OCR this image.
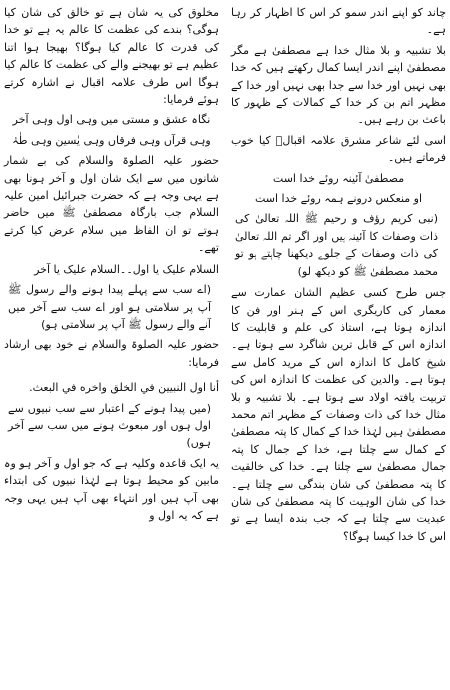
چاند کو اپنے اندر سمو کر اس کا اظہار کر رہا ہے۔

بلا تشبیہ و بلا مثال خدا ہے مصطفیٰ ہے مگر مصطفیٰ اپنے اندر ایسا کمال رکھتے ہیں کہ خدا بھی نہیں اور خدا سے جدا بھی نہیں اور خدا کے مظہر اتم بن کر خدا کے کمالات کے ظہور کا باعث بن رہے ہیں۔

اسی لئے شاعر مشرق علامہ اقبالؒ کیا خوب فرماتے ہیں۔

مصطفیٰ آئینہ روئے خدا است

او منعکس درونے ہمہ روئے خدا است

(نبی کریم رؤف و رحیم ﷺ اللہ تعالیٰ کی ذات وصفات کا آئینہ ہیں اور اگر تم اللہ تعالیٰ کی ذات وصفات کے جلوے دیکھنا چاہتے ہو تو محمد مصطفیٰ ﷺ کو دیکھ لو)

جس طرح کسی عظیم الشان عمارت سے معمار کی کاریگری اس کے ہنر اور فن کا اندازہ ہوتا ہے، استاذ کی علم و قابلیت کا اندازہ اس کے قابل ترین شاگرد سے ہوتا ہے۔ شیخ کامل کا اندازہ اس کے مرید کامل سے ہوتا ہے۔ والدین کی عظمت کا اندازہ اس کی تربیت یافتہ اولاد سے ہوتا ہے۔ بلا تشبیہ و بلا مثال خدا کی ذات وصفات کے مظہر اتم محمد مصطفیٰ ہیں لہٰذا خدا کے کمال کا پتہ مصطفیٰ کے کمال سے چلتا ہے، خدا کے جمال کا پتہ جمال مصطفیٰ سے چلتا ہے۔ خدا کی خالقیت کا پتہ مصطفیٰ کی شان بندگی سے چلتا ہے۔ خدا کی شان الوہیت کا پتہ مصطفیٰ کی شان عبدیت سے چلتا ہے کہ جب بندہ ایسا ہے تو اس کا خدا کیسا ہوگا؟

مخلوق کی یہ شان ہے تو خالق کی شان کیا ہوگی؟ بندے کی عظمت کا عالم یہ ہے تو خدا کی قدرت کا عالم کیا ہوگا؟ بھیجا ہوا اتنا عظیم ہے تو بھیجنے والے کی عظمت کا عالم کیا ہوگا اس طرف علامہ اقبال نے اشارہ کرتے ہوئے فرمایا:

نگاہ عشق و مستی میں وہی اول وہی آخر

وہی قرآں وہی فرقاں وہی یٰسین وہی طٰہٰ

حضور علیہ الصلوۃ والسلام کی بے شمار شانوں میں سے ایک شان اول و آخر ہونا بھی ہے یہی وجہ ہے کہ حضرت جبرائیل امین علیہ السلام جب بارگاہ مصطفیٰ ﷺ میں حاضر ہوتے تو ان الفاظ میں سلام عرض کیا کرتے تھے۔

السلام علیک یا اول۔۔السلام علیک یا آخر

(اے سب سے پہلے پیدا ہونے والے رسول ﷺ آپ پر سلامتی ہو اور اے سب سے آخر میں آنے والے رسول ﷺ آپ پر سلامتی ہو)

حضور علیہ الصلوۃ والسلام نے خود بھی ارشاد فرمایا:

أنا اول النبيين في الخلق واخره في البعث.

(میں پیدا ہونے کے اعتبار سے سب نبیوں سے اول ہوں اور مبعوث ہونے میں سب سے آخر ہوں)

یہ ایک قاعدہ وکلیہ ہے کہ جو اول و آخر ہو وہ مابین کو محیط ہوتا ہے لہٰذا نبیوں کی ابتداء بھی آپ ہیں اور انتہاء بھی آپ ہیں یہی وجہ ہے کہ یہ اول و
